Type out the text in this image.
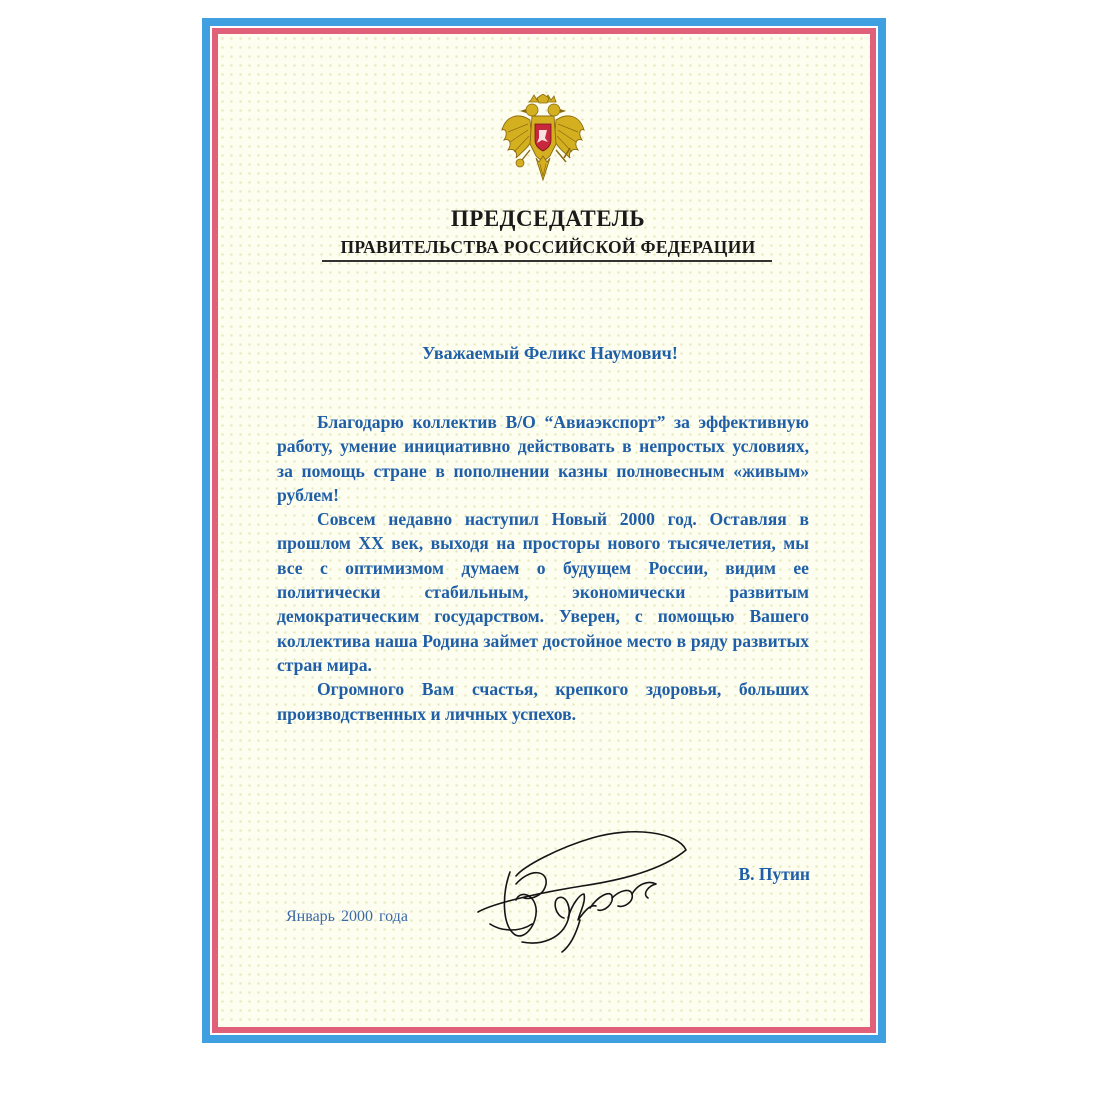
ПРЕДСЕДАТЕЛЬ
ПРАВИТЕЛЬСТВА РОССИЙСКОЙ ФЕДЕРАЦИИ
Уважаемый Феликс Наумович!

Благодарю коллектив В/О “Авиаэкспорт” за эффективную работу, умение инициативно действовать в непростых условиях, за помощь стране в пополнении казны полновесным «живым» рублем!

Совсем недавно наступил Новый 2000 год. Оставляя в прошлом XX век, выходя на просторы нового тысячелетия, мы все с оптимизмом думаем о будущем России, видим ее политически стабильным, экономически развитым демократическим государством. Уверен, с помощью Вашего коллектива наша Родина займет достойное место в ряду развитых стран мира.

Огромного Вам счастья, крепкого здоровья, больших производственных и личных успехов.

В. Путин
Январь 2000 года
